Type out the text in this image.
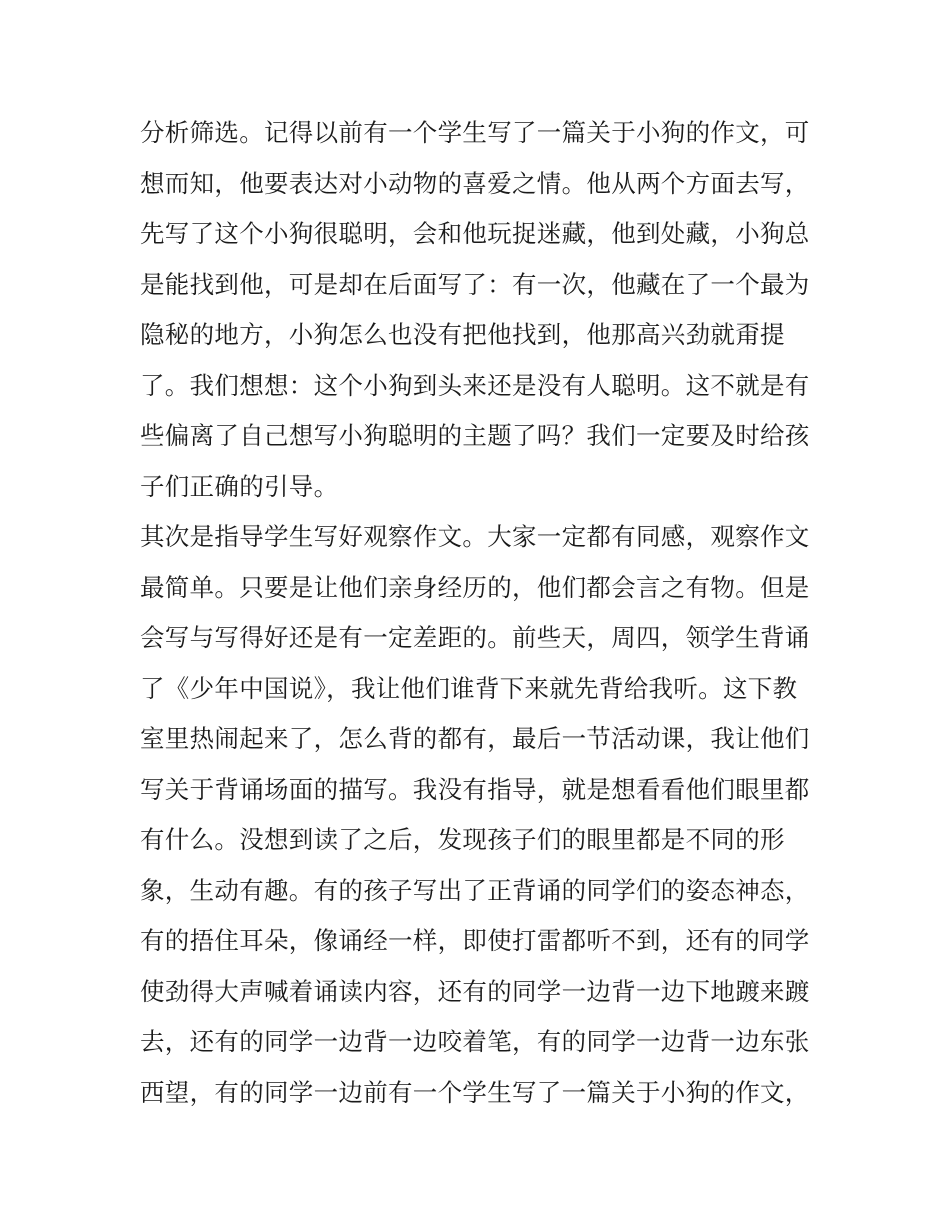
分析筛选。记得以前有一个学生写了一篇关于小狗的作文，可
想而知，他要表达对小动物的喜爱之情。他从两个方面去写，
先写了这个小狗很聪明，会和他玩捉迷藏，他到处藏，小狗总
是能找到他，可是却在后面写了：有一次，他藏在了一个最为
隐秘的地方，小狗怎么也没有把他找到，他那高兴劲就甭提
了。我们想想：这个小狗到头来还是没有人聪明。这不就是有
些偏离了自己想写小狗聪明的主题了吗？我们一定要及时给孩
子们正确的引导。
其次是指导学生写好观察作文。大家一定都有同感，观察作文
最简单。只要是让他们亲身经历的，他们都会言之有物。但是
会写与写得好还是有一定差距的。前些天，周四，领学生背诵
了《少年中国说》，我让他们谁背下来就先背给我听。这下教
室里热闹起来了，怎么背的都有，最后一节活动课，我让他们
写关于背诵场面的描写。我没有指导，就是想看看他们眼里都
有什么。没想到读了之后，发现孩子们的眼里都是不同的形
象，生动有趣。有的孩子写出了正背诵的同学们的姿态神态，
有的捂住耳朵，像诵经一样，即使打雷都听不到，还有的同学
使劲得大声喊着诵读内容，还有的同学一边背一边下地踱来踱
去，还有的同学一边背一边咬着笔，有的同学一边背一边东张
西望，有的同学一边前有一个学生写了一篇关于小狗的作文，
